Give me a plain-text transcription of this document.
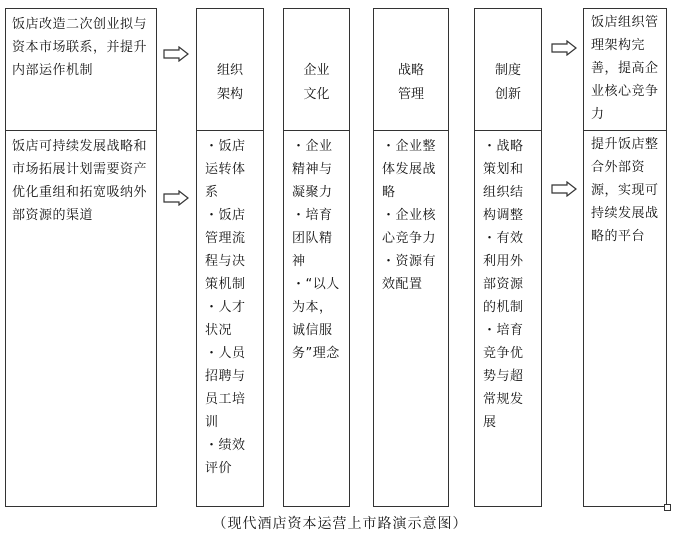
饭店改造二次创业拟与资本市场联系，并提升内部运作机制
饭店可持续发展战略和市场拓展计划需要资产优化重组和拓宽吸纳外部资源的渠道
组织
架构
・饭店运转体系
・饭店管理流程与决策机制
・人才状况
・人员招聘与员工培训
・绩效评价
企业
文化
・企业精神与凝聚力
・培育团队精神
・“以人为本，诚信服务”理念
战略
管理
・企业整体发展战略
・企业核心竞争力
・资源有效配置
制度
创新
・战略策划和组织结构调整
・有效利用外部资源的机制
・培育竞争优势与超常规发展
饭店组织管理架构完善，提高企业核心竞争力
提升饭店整合外部资源，实现可持续发展战略的平台
（现代酒店资本运营上市路演示意图）
